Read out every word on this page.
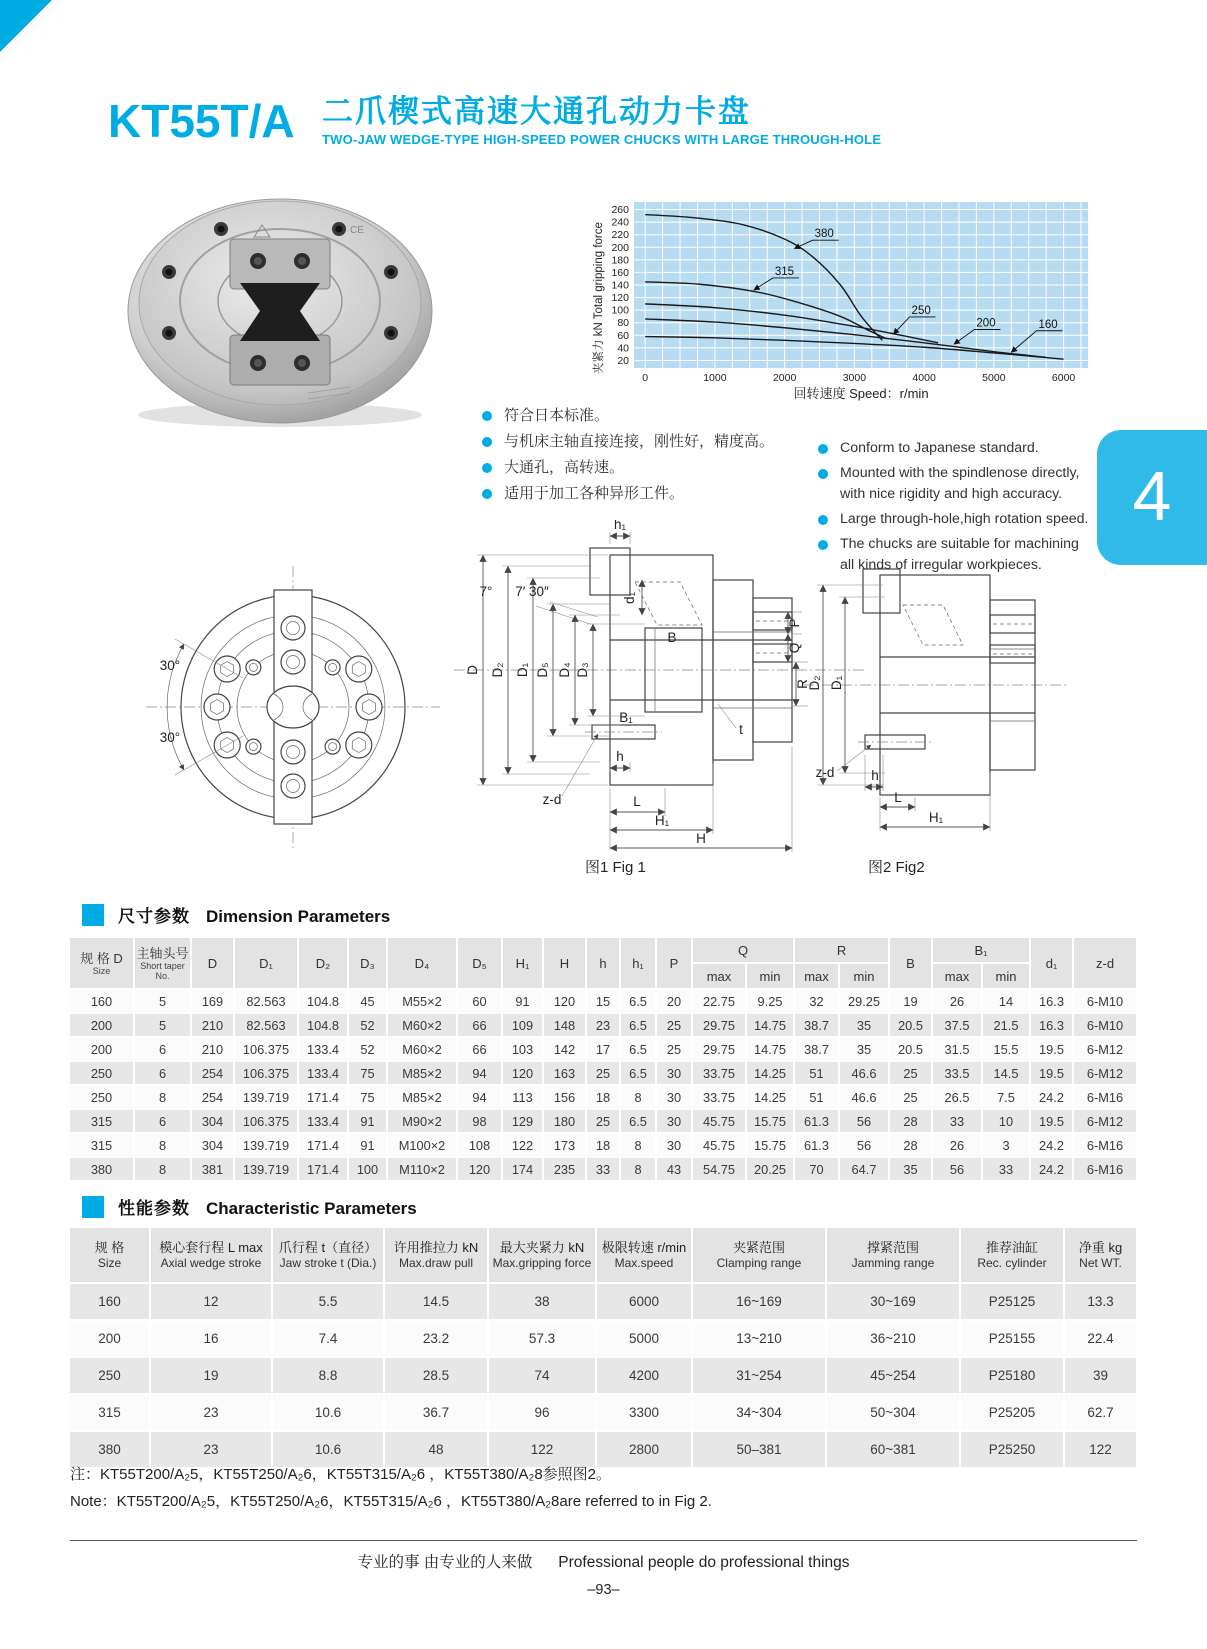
KT55T/A 二爪楔式高速大通孔动力卡盘
TWO-JAW WEDGE-TYPE HIGH-SPEED POWER CHUCKS WITH LARGE THROUGH-HOLE
CE
20
40
60
80
100
120
140
160
180
200
220
240
260
0	1000	2000	3000	4000	5000	6000
回转速度 Speed：r/min
夹紧力 kN Total gripping force	380
315
250
200	160
符合日本标准。
与机床主轴直接连接，刚性好，精度高。
大通孔，高转速。
适用于加工各种异形工件。
Conform to Japanese standard.
Mounted with the spindlenose directly, with nice rigidity and high accuracy.
Large through-hole,high rotation speed.
The chucks are suitable for machining all kinds of irregular workpieces.
4
30°
30°
h₁
7° 7′ 30″	d₁
D D₂ D₁ D₅ D₄ D₃
B
B₁
t
P
Q
R
h
z-d	L
H₁
H
D₂ D₁
z-d	h
L
H₁
图1 Fig 1	图2 Fig2
尺寸参数 Dimension Parameters
规 格 D
Size

主轴头号
Short taper No.
	D	D₁	D₂	D₃	D₄	D₅	H₁	H	h	h₁	P	Q	R	B	B₁	d₁	z-d
													max	min	max	min		max	min		
160	5	169	82.563	104.8	45	M55×2	60	91	120	15	6.5	20	22.75	9.25	32	29.25	19	26	14	16.3	6-M10
200	5	210	82.563	104.8	52	M60×2	66	109	148	23	6.5	25	29.75	14.75	38.7	35	20.5	37.5	21.5	16.3	6-M10
200	6	210	106.375	133.4	52	M60×2	66	103	142	17	6.5	25	29.75	14.75	38.7	35	20.5	31.5	15.5	19.5	6-M12
250	6	254	106.375	133.4	75	M85×2	94	120	163	25	6.5	30	33.75	14.25	51	46.6	25	33.5	14.5	19.5	6-M12
250	8	254	139.719	171.4	75	M85×2	94	113	156	18	8	30	33.75	14.25	51	46.6	25	26.5	7.5	24.2	6-M16
315	6	304	106.375	133.4	91	M90×2	98	129	180	25	6.5	30	45.75	15.75	61.3	56	28	33	10	19.5	6-M12
315	8	304	139.719	171.4	91	M100×2	108	122	173	18	8	30	45.75	15.75	61.3	56	28	26	3	24.2	6-M16
380	8	381	139.719	171.4	100	M110×2	120	174	235	33	8	43	54.75	20.25	70	64.7	35	56	33	24.2	6-M16
性能参数 Characteristic Parameters
规 格
Size

模心套行程 L max
Axial wedge stroke

爪行程 t（直径）
Jaw stroke t (Dia.)

许用推拉力 kN
Max.draw pull

最大夹紧力 kN
Max.gripping force

极限转速 r/min
Max.speed

夹紧范围
Clamping range

撑紧范围
Jamming range

推荐油缸
Rec. cylinder

净重 kg
Net WT.

160	12	5.5	14.5	38	6000	16~169	30~169	P25125	13.3
200	16	7.4	23.2	57.3	5000	13~210	36~210	P25155	22.4
250	19	8.8	28.5	74	4200	31~254	45~254	P25180	39
315	23	10.6	36.7	96	3300	34~304	50~304	P25205	62.7
380	23	10.6	48	122	2800	50–381	60~381	P25250	122
注：KT55T200/A₂5，KT55T250/A₂6，KT55T315/A₂6 ，KT55T380/A₂8参照图2。
Note：KT55T200/A₂5，KT55T250/A₂6，KT55T315/A₂6 ，KT55T380/A₂8are referred to in Fig 2.
专业的事 由专业的人来做 Professional people do professional things
–93–
